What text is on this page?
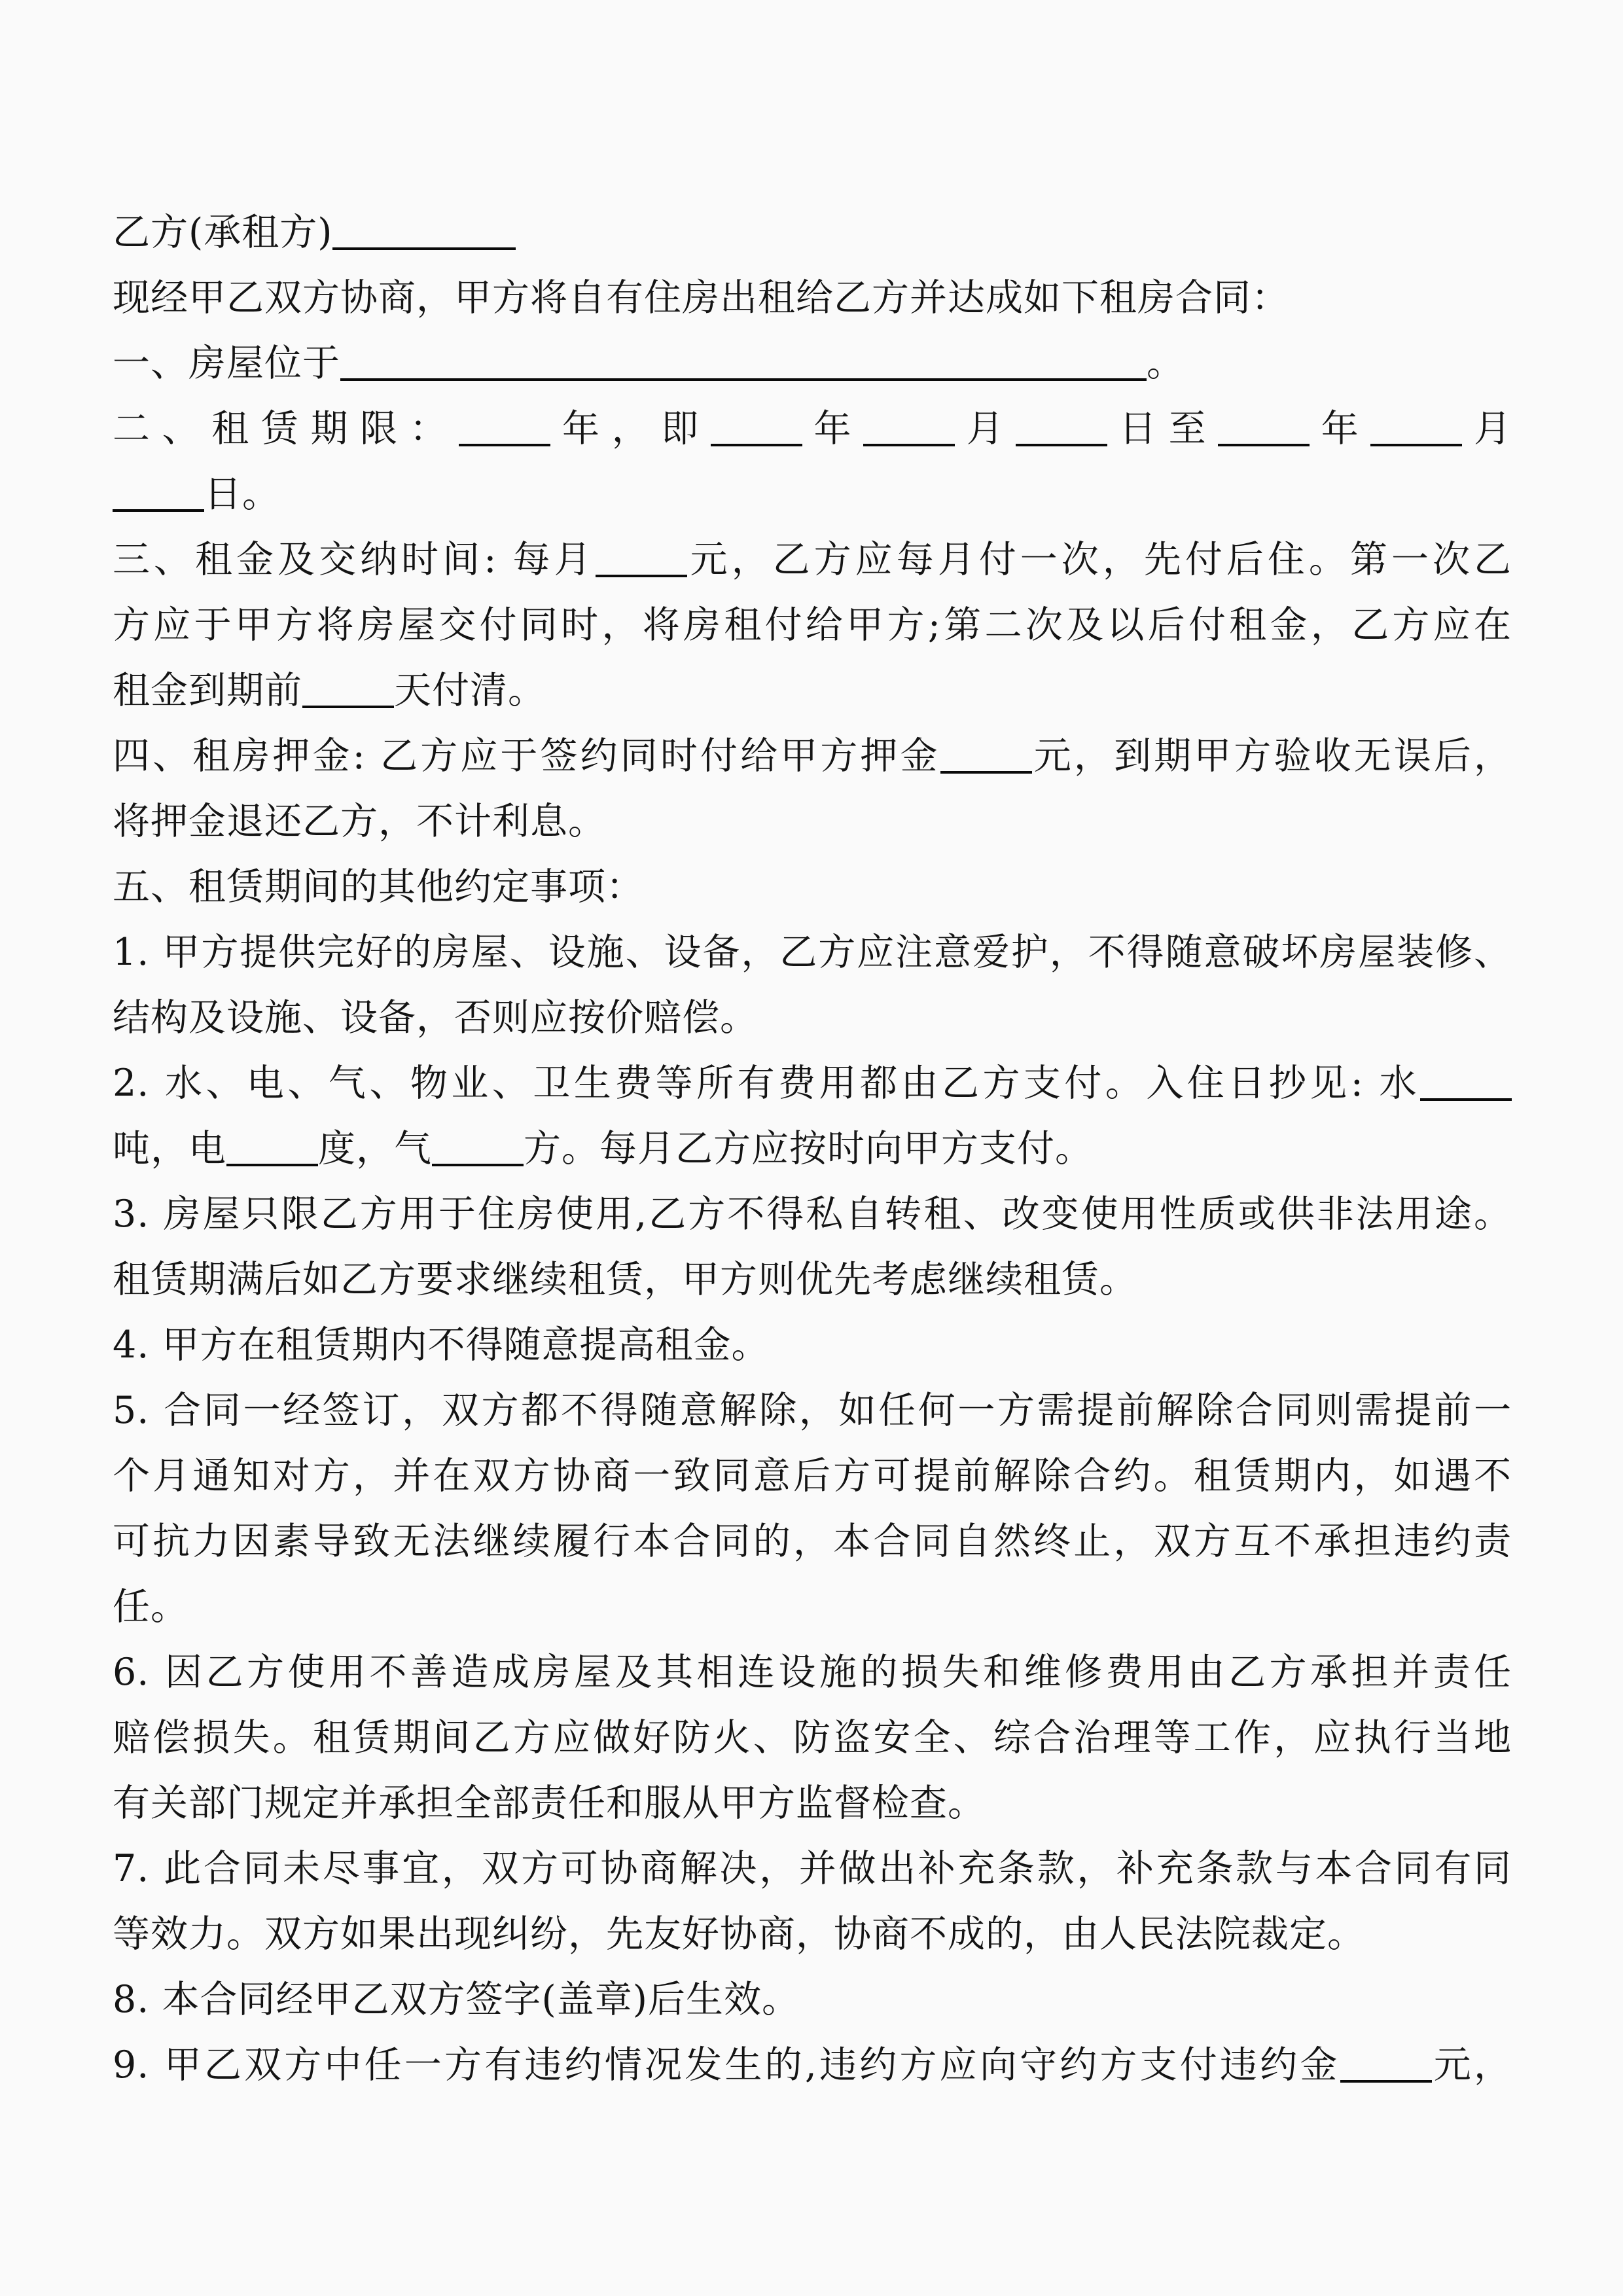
乙方(承租方)
现经甲乙双方协商，甲方将自有住房出租给乙方并达成如下租房合同：
一、房屋位于	。
二、租赁期限： 年，即 年 月 日至 年 月
日。
三、租金及交纳时间: 每月 元，乙方应每月付一次，先付后住。第一次乙
方应于甲方将房屋交付同时，将房租付给甲方;第二次及以后付租金，乙方应在
租金到期前 天付清。
四、租房押金: 乙方应于签约同时付给甲方押金 元，到期甲方验收无误后，
将押金退还乙方，不计利息。
五、租赁期间的其他约定事项：
1. 甲方提供完好的房屋、设施、设备，乙方应注意爱护，不得随意破坏房屋装修、
结构及设施、设备，否则应按价赔偿。
2. 水、电、气、物业、卫生费等所有费用都由乙方支付。入住日抄见: 水
吨，电 度，气 方。每月乙方应按时向甲方支付。
3. 房屋只限乙方用于住房使用,乙方不得私自转租、改变使用性质或供非法用途。
租赁期满后如乙方要求继续租赁，甲方则优先考虑继续租赁。
4. 甲方在租赁期内不得随意提高租金。
5. 合同一经签订，双方都不得随意解除，如任何一方需提前解除合同则需提前一
个月通知对方，并在双方协商一致同意后方可提前解除合约。租赁期内，如遇不
可抗力因素导致无法继续履行本合同的，本合同自然终止，双方互不承担违约责
任。
6. 因乙方使用不善造成房屋及其相连设施的损失和维修费用由乙方承担并责任
赔偿损失。租赁期间乙方应做好防火、防盗安全、综合治理等工作，应执行当地
有关部门规定并承担全部责任和服从甲方监督检查。
7. 此合同未尽事宜，双方可协商解决，并做出补充条款，补充条款与本合同有同
等效力。双方如果出现纠纷，先友好协商，协商不成的，由人民法院裁定。
8. 本合同经甲乙双方签字(盖章)后生效。
9. 甲乙双方中任一方有违约情况发生的,违约方应向守约方支付违约金 元，
